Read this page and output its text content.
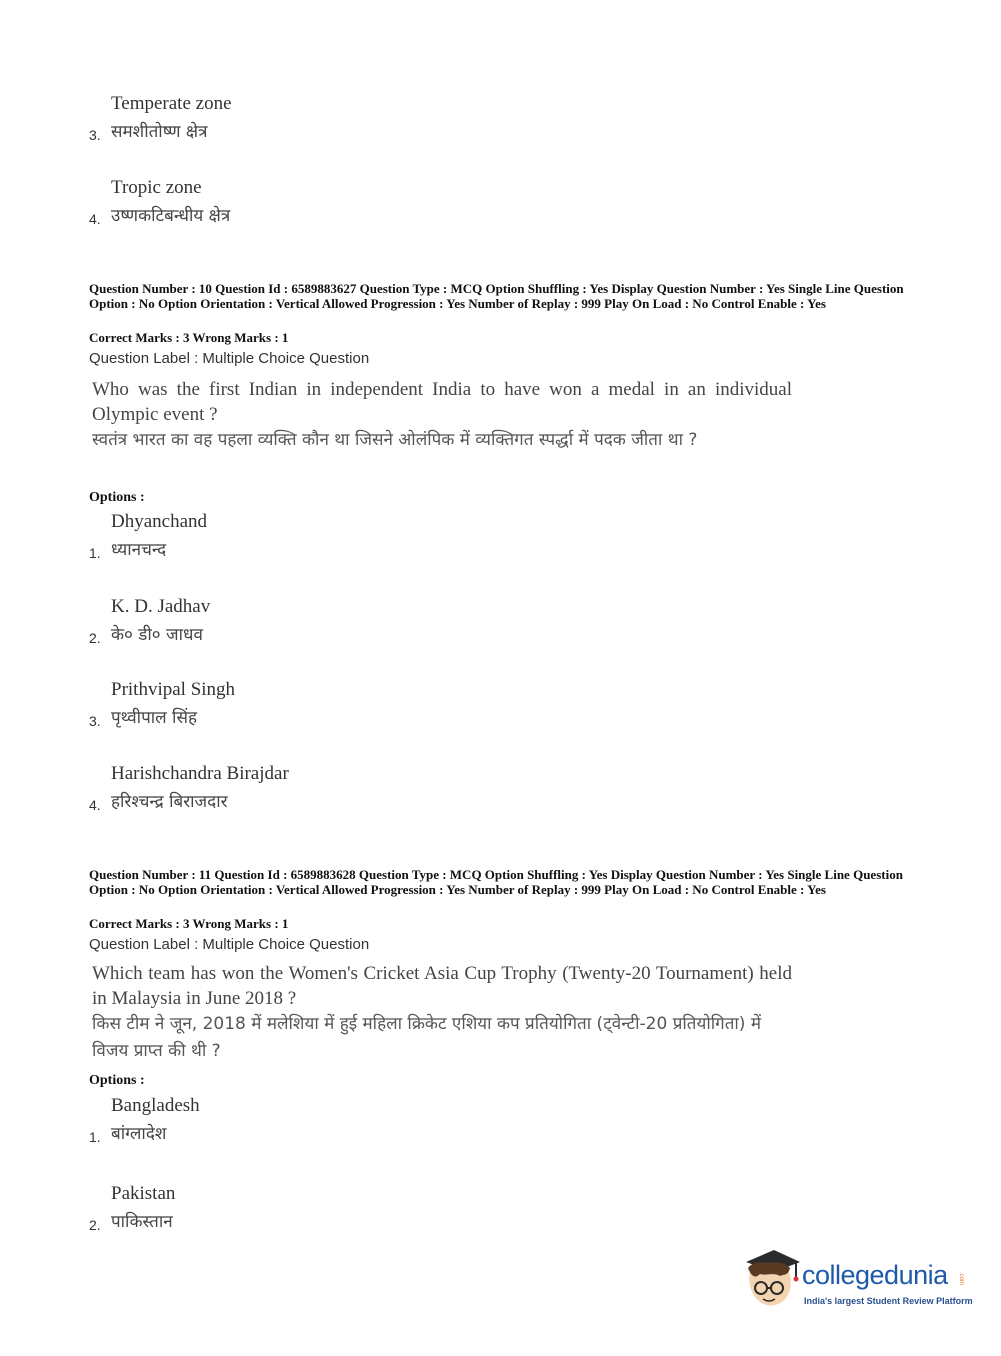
Temperate zone
समशीतोष्ण क्षेत्र
3.
Tropic zone
उष्णकटिबन्धीय क्षेत्र
4.
Question Number : 10 Question Id : 6589883627 Question Type : MCQ Option Shuffling : Yes Display Question Number : Yes Single Line Question Option : No Option Orientation : Vertical Allowed Progression : Yes Number of Replay : 999 Play On Load : No Control Enable : Yes
Correct Marks : 3 Wrong Marks : 1
Question Label : Multiple Choice Question
Who was the first Indian in independent India to have won a medal in an individual Olympic event ?
स्वतंत्र भारत का वह पहला व्यक्ति कौन था जिसने ओलंपिक में व्यक्तिगत स्पर्द्धा में पदक जीता था ?
Options :
Dhyanchand
ध्यानचन्द
1.
K. D. Jadhav
के० डी० जाधव
2.
Prithvipal Singh
पृथ्वीपाल सिंह
3.
Harishchandra Birajdar
हरिश्चन्द्र बिराजदार
4.
Question Number : 11 Question Id : 6589883628 Question Type : MCQ Option Shuffling : Yes Display Question Number : Yes Single Line Question Option : No Option Orientation : Vertical Allowed Progression : Yes Number of Replay : 999 Play On Load : No Control Enable : Yes
Correct Marks : 3 Wrong Marks : 1
Question Label : Multiple Choice Question
Which team has won the Women's Cricket Asia Cup Trophy (Twenty-20 Tournament) held in Malaysia in June 2018 ?
किस टीम ने जून, 2018 में मलेशिया में हुई महिला क्रिकेट एशिया कप प्रतियोगिता (ट्वेन्टी-20 प्रतियोगिता) में विजय प्राप्त की थी ?
Options :
Bangladesh
बांग्लादेश
1.
Pakistan
पाकिस्तान
2.
collegedunia .com
India's largest Student Review Platform
